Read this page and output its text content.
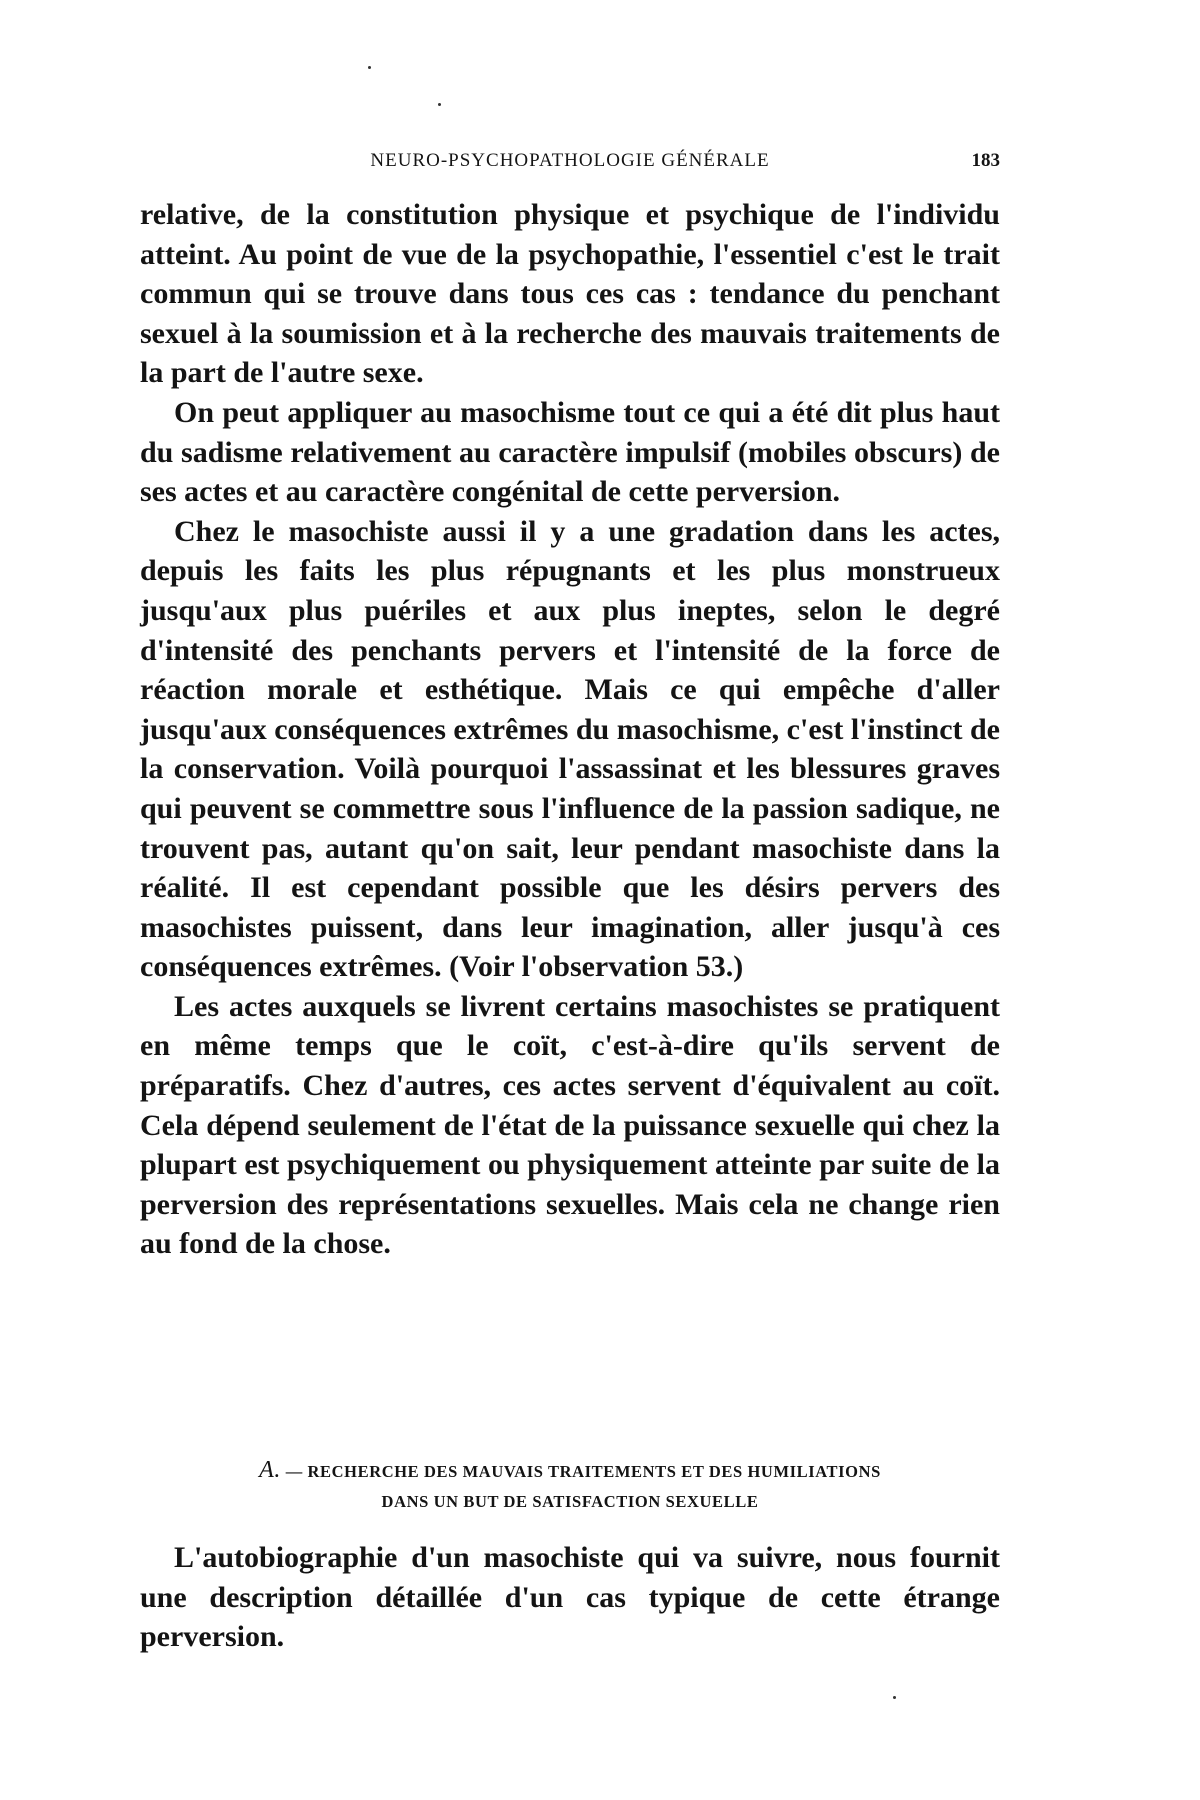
NEURO-PSYCHOPATHOLOGIE GÉNÉRALE	183

relative, de la constitution physique et psychique de l'individu atteint. Au point de vue de la psychopathie, l'essentiel c'est le trait commun qui se trouve dans tous ces cas : tendance du penchant sexuel à la soumission et à la recherche des mauvais traitements de la part de l'autre sexe.

On peut appliquer au masochisme tout ce qui a été dit plus haut du sadisme relativement au caractère impulsif (mobiles obscurs) de ses actes et au caractère congénital de cette perversion.

Chez le masochiste aussi il y a une gradation dans les actes, depuis les faits les plus répugnants et les plus monstrueux jusqu'aux plus puériles et aux plus ineptes, selon le degré d'intensité des penchants pervers et l'intensité de la force de réaction morale et esthétique. Mais ce qui empêche d'aller jusqu'aux conséquences extrêmes du masochisme, c'est l'instinct de la conservation. Voilà pourquoi l'assassinat et les blessures graves qui peuvent se commettre sous l'influence de la passion sadique, ne trouvent pas, autant qu'on sait, leur pendant masochiste dans la réalité. Il est cependant possible que les désirs pervers des masochistes puissent, dans leur imagination, aller jusqu'à ces conséquences extrêmes. (Voir l'observation 53.)

Les actes auxquels se livrent certains masochistes se pratiquent en même temps que le coït, c'est-à-dire qu'ils servent de préparatifs. Chez d'autres, ces actes servent d'équivalent au coït. Cela dépend seulement de l'état de la puissance sexuelle qui chez la plupart est psychiquement ou physiquement atteinte par suite de la perversion des représentations sexuelles. Mais cela ne change rien au fond de la chose.

A. — RECHERCHE DES MAUVAIS TRAITEMENTS ET DES HUMILIATIONS
DANS UN BUT DE SATISFACTION SEXUELLE

L'autobiographie d'un masochiste qui va suivre, nous fournit une description détaillée d'un cas typique de cette étrange perversion.
